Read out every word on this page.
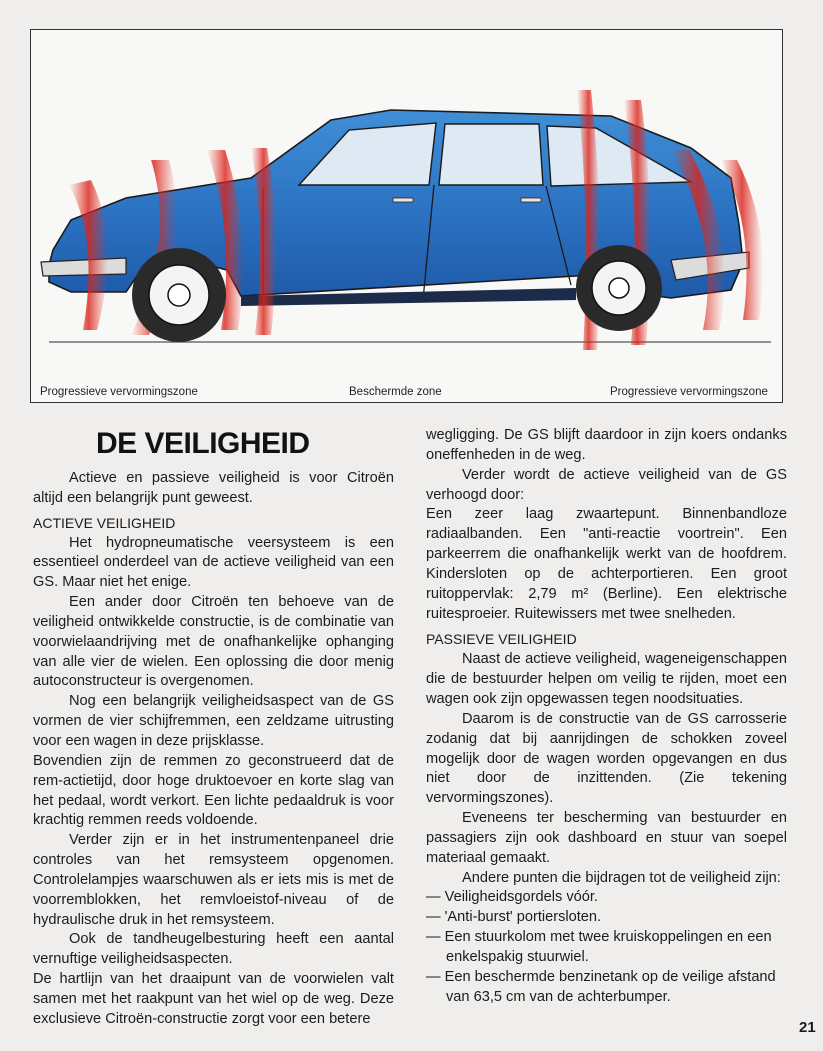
Progressieve vervormingszone	Beschermde zone	Progressieve vervormingszone
DE VEILIGHEID

Actieve en passieve veiligheid is voor Citroën altijd een belangrijk punt geweest.

ACTIEVE VEILIGHEID

Het hydropneumatische veersysteem is een essentieel onderdeel van de actieve veiligheid van een GS. Maar niet het enige.

Een ander door Citroën ten behoeve van de veiligheid ontwikkelde constructie, is de combinatie van voorwielaandrijving met de onafhankelijke ophanging van alle vier de wielen. Een oplossing die door menig autoconstructeur is overgenomen.

Nog een belangrijk veiligheidsaspect van de GS vormen de vier schijfremmen, een zeldzame uitrusting voor een wagen in deze prijsklasse.

Bovendien zijn de remmen zo geconstrueerd dat de rem-actietijd, door hoge druktoevoer en korte slag van het pedaal, wordt verkort. Een lichte pedaaldruk is voor krachtig remmen reeds voldoende.

Verder zijn er in het instrumentenpaneel drie controles van het remsysteem opgenomen. Controlelampjes waarschuwen als er iets mis is met de voorremblokken, het remvloeistof-niveau of de hydraulische druk in het remsysteem.

Ook de tandheugelbesturing heeft een aantal vernuftige veiligheidsaspecten.

De hartlijn van het draaipunt van de voorwielen valt samen met het raakpunt van het wiel op de weg. Deze exclusieve Citroën-constructie zorgt voor een betere

wegligging. De GS blijft daardoor in zijn koers ondanks oneffenheden in de weg.

Verder wordt de actieve veiligheid van de GS verhoogd door:

Een zeer laag zwaartepunt. Binnenbandloze radiaalbanden. Een "anti-reactie voortrein". Een parkeerrem die onafhankelijk werkt van de hoofdrem. Kindersloten op de achterportieren. Een groot ruitoppervlak: 2,79 m² (Berline). Een elektrische ruitesproeier. Ruitewissers met twee snelheden.

PASSIEVE VEILIGHEID

Naast de actieve veiligheid, wageneigenschappen die de bestuurder helpen om veilig te rijden, moet een wagen ook zijn opgewassen tegen noodsituaties.

Daarom is de constructie van de GS carrosserie zodanig dat bij aanrijdingen de schokken zoveel mogelijk door de wagen worden opgevangen en dus niet door de inzittenden. (Zie tekening vervormingszones).

Eveneens ter bescherming van bestuurder en passagiers zijn ook dashboard en stuur van soepel materiaal gemaakt.

Andere punten die bijdragen tot de veiligheid zijn:

— Veiligheidsgordels vóór.
— 'Anti-burst' portiersloten.
— Een stuurkolom met twee kruiskoppelingen en een enkelspakig stuurwiel.
— Een beschermde benzinetank op de veilige afstand van 63,5 cm van de achterbumper.
21
